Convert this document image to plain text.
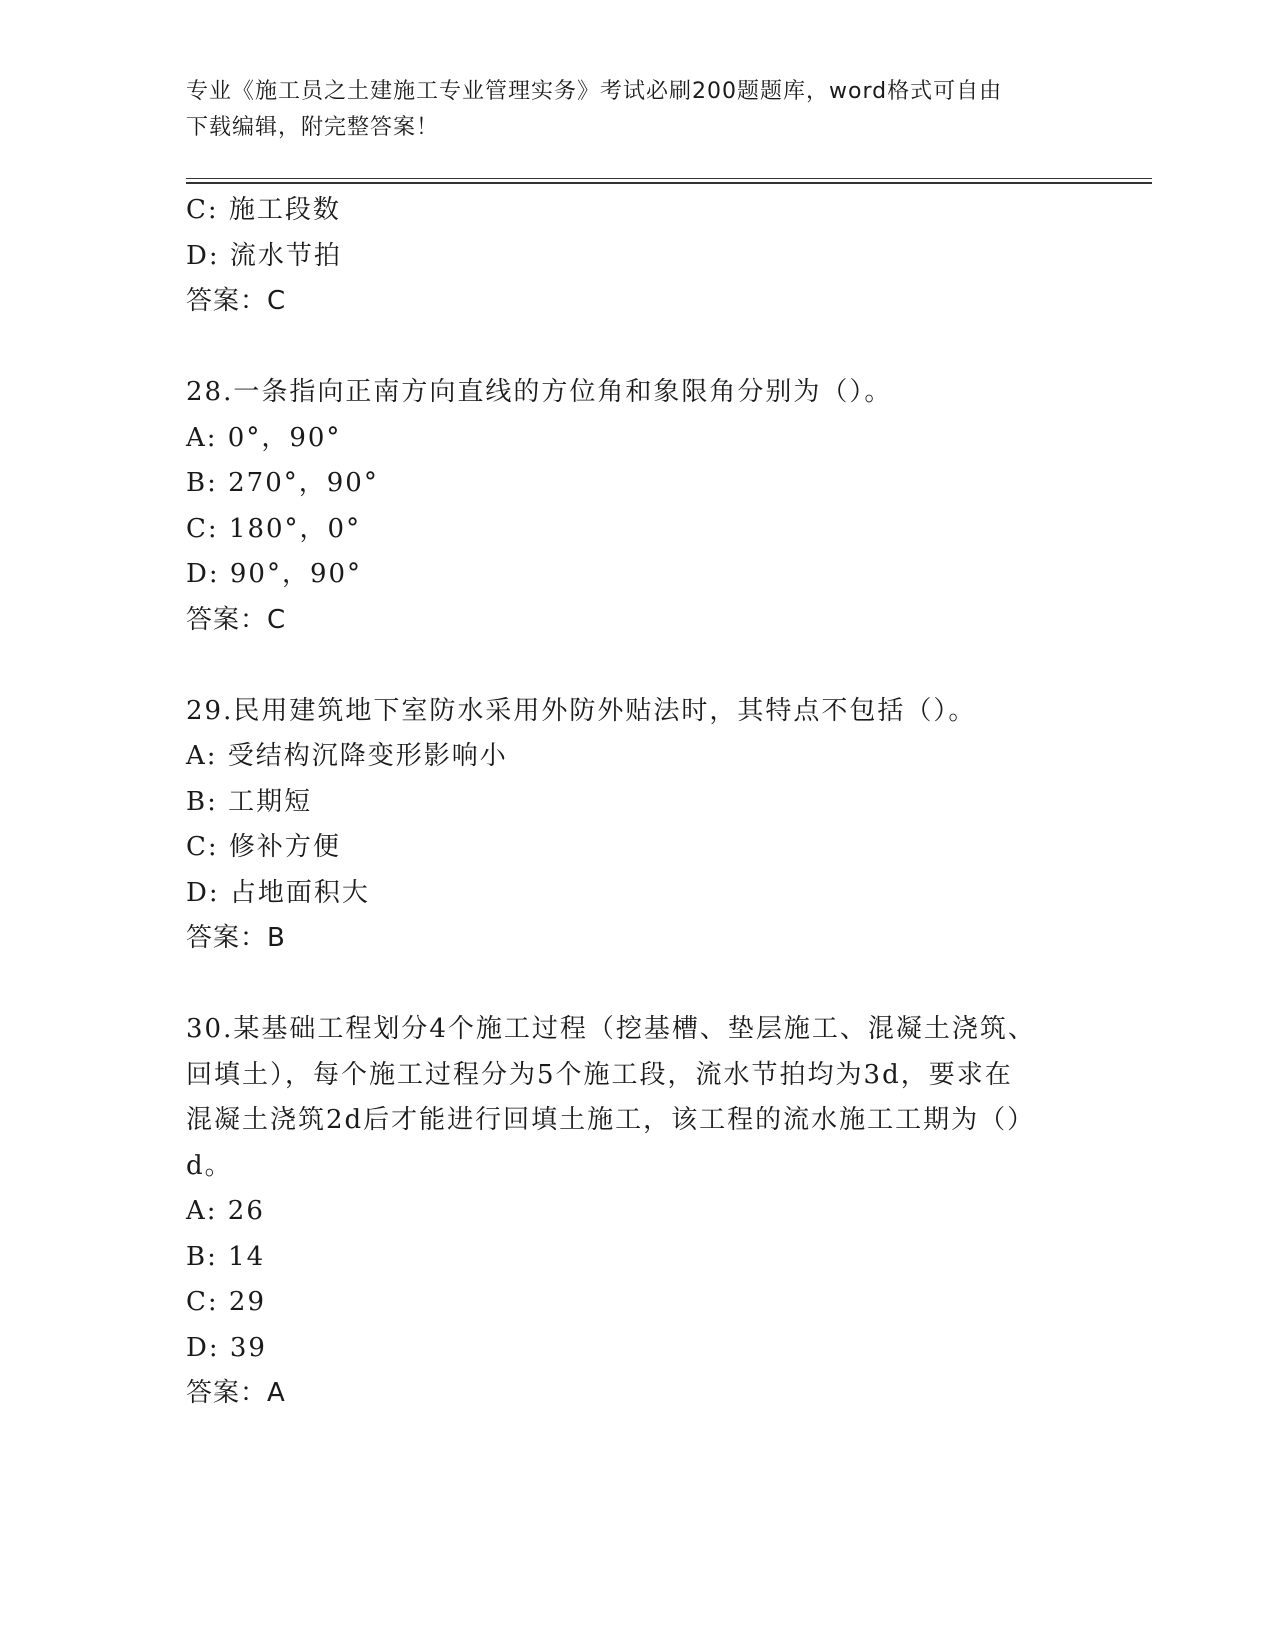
专业《施工员之土建施工专业管理实务》考试必刷200题题库，word格式可自由
下载编辑，附完整答案！
C: 施工段数
D: 流水节拍
答案：C
28.一条指向正南方向直线的方位角和象限角分别为（）。
A: 0°，90°
B: 270°，90°
C: 180°，0°
D: 90°，90°
答案：C
29.民用建筑地下室防水采用外防外贴法时，其特点不包括（）。
A: 受结构沉降变形影响小
B: 工期短
C: 修补方便
D: 占地面积大
答案：B
30.某基础工程划分4个施工过程（挖基槽、垫层施工、混凝土浇筑、
回填土），每个施工过程分为5个施工段，流水节拍均为3d，要求在
混凝土浇筑2d后才能进行回填土施工，该工程的流水施工工期为（）
d。
A: 26
B: 14
C: 29
D: 39
答案：A
